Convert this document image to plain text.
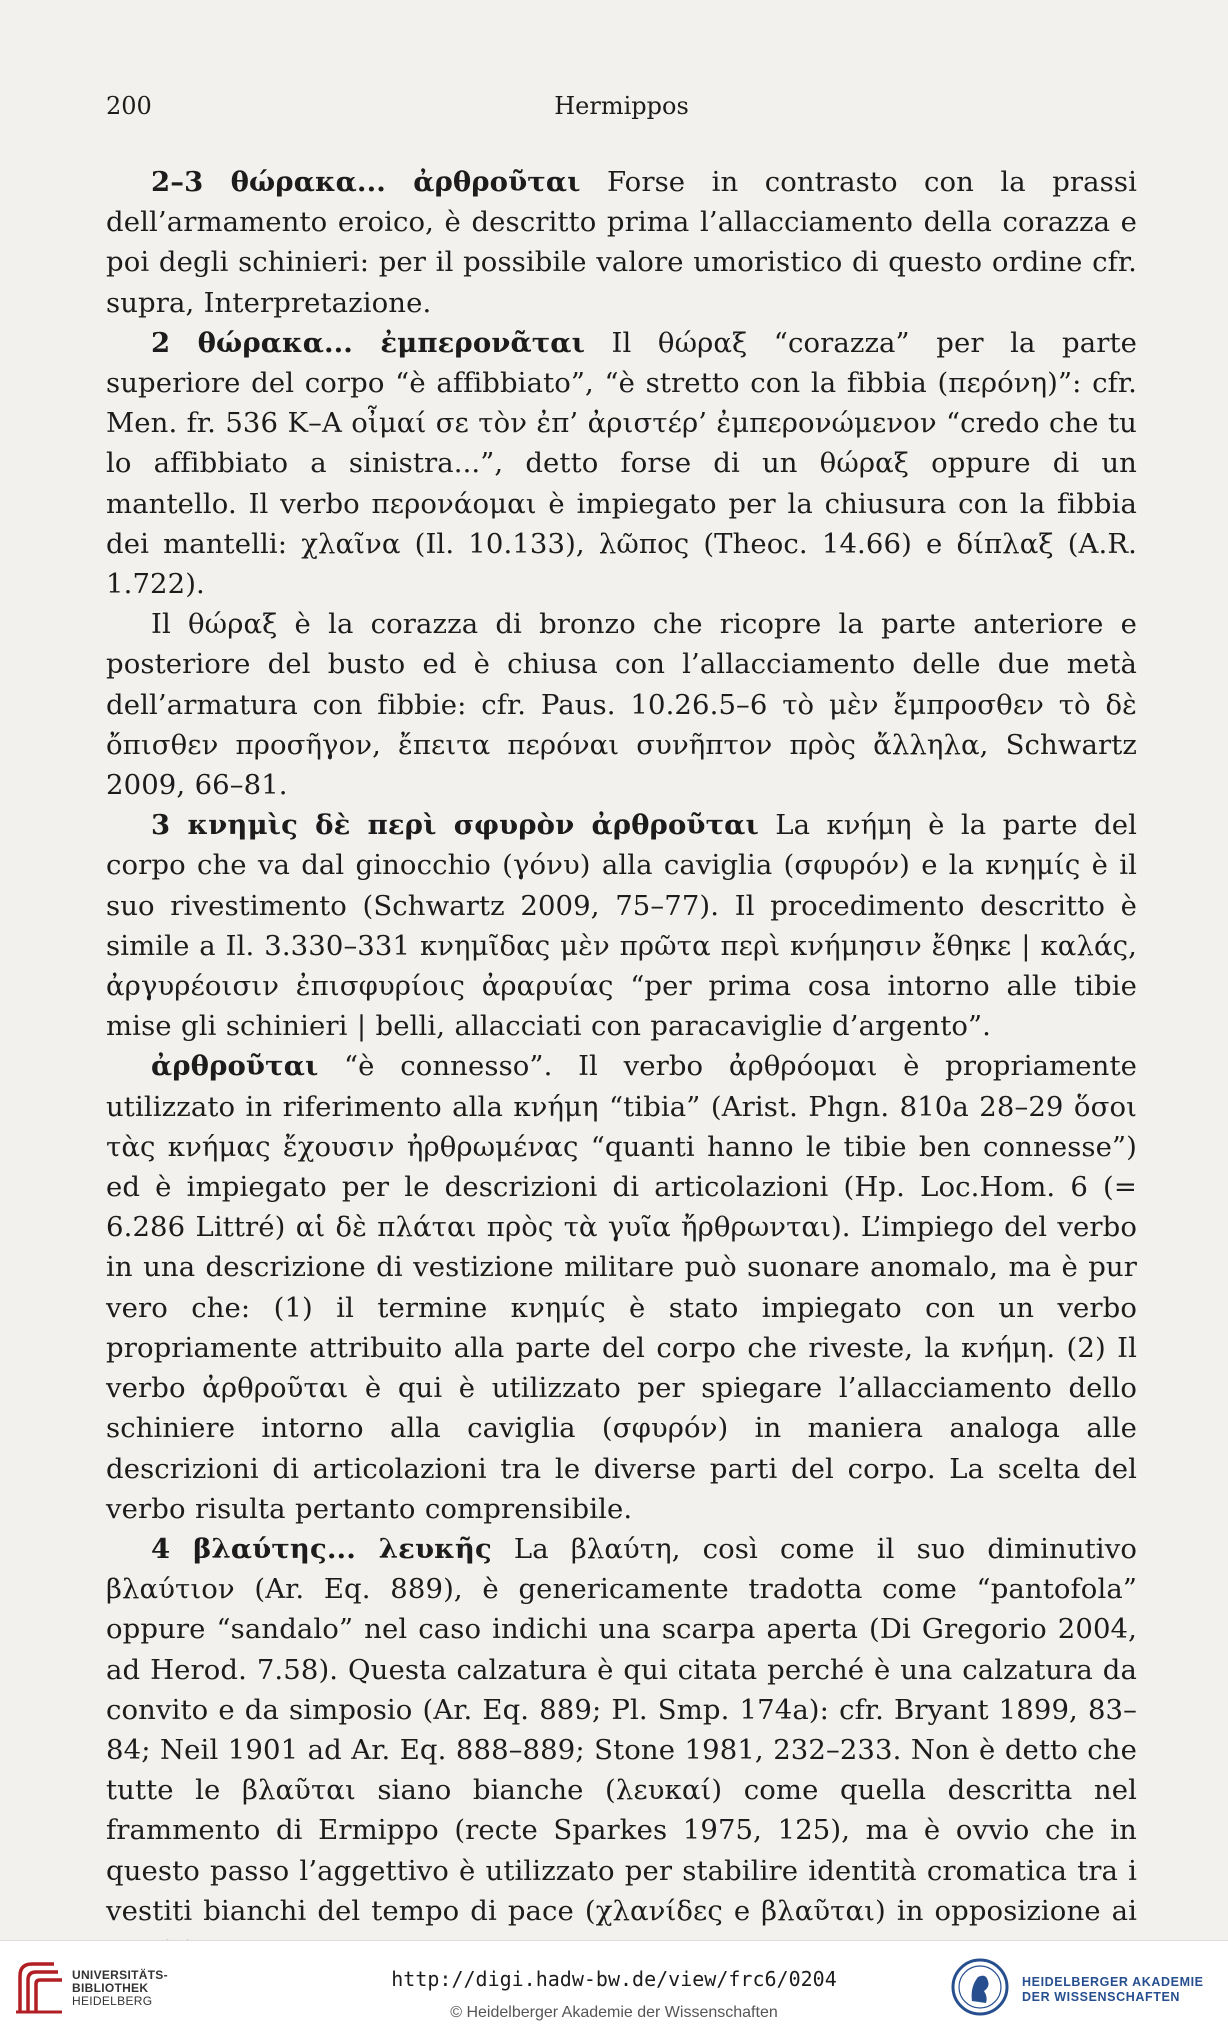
200	Hermippos

2–3 θώρακα... ἀρθροῦται Forse in contrasto con la prassi dell’armamento eroico, è descritto prima l’allacciamento della corazza e poi degli schinieri: per il possibile valore umoristico di questo ordine cfr. supra, Interpretazione.

2 θώρακα... ἐμπερονᾶται Il θώραξ “corazza” per la parte superiore del corpo “è affibbiato”, “è stretto con la fibbia (περόνη)”: cfr. Men. fr. 536 K–A οἶμαί σε τὸν ἐπ’ ἀριστέρ’ ἐμπερονώμενον “credo che tu lo affibbiato a sinistra...”, detto forse di un θώραξ oppure di un mantello. Il verbo περονάομαι è impiegato per la chiusura con la fibbia dei mantelli: χλαῖνα (Il. 10.133), λῶπος (Theoc. 14.66) e δίπλαξ (A.R. 1.722).

Il θώραξ è la corazza di bronzo che ricopre la parte anteriore e posteriore del busto ed è chiusa con l’allacciamento delle due metà dell’armatura con fibbie: cfr. Paus. 10.26.5–6 τὸ μὲν ἔμπροσθεν τὸ δὲ ὄπισθεν προσῆγον, ἔπειτα περόναι συνῆπτον πρὸς ἄλληλα, Schwartz 2009, 66–81.

3 κνημὶς δὲ περὶ σφυρὸν ἀρθροῦται La κνήμη è la parte del corpo che va dal ginocchio (γόνυ) alla caviglia (σφυρόν) e la κνημίς è il suo rivestimento (Schwartz 2009, 75–77). Il procedimento descritto è simile a Il. 3.330–331 κνημῖδας μὲν πρῶτα περὶ κνήμησιν ἔθηκε | καλάς, ἀργυρέοισιν ἐπισφυρίοις ἀραρυίας “per prima cosa intorno alle tibie mise gli schinieri | belli, allacciati con paracaviglie d’argento”.

ἀρθροῦται “è connesso”. Il verbo ἀρθρόομαι è propriamente utilizzato in riferimento alla κνήμη “tibia” (Arist. Phgn. 810a 28–29 ὅσοι τὰς κνήμας ἔχουσιν ἠρθρωμένας “quanti hanno le tibie ben connesse”) ed è impiegato per le descrizioni di articolazioni (Hp. Loc.Hom. 6 (= 6.286 Littré) αἱ δὲ πλάται πρὸς τὰ γυῖα ἤρθρωνται). L’impiego del verbo in una descrizione di vestizione militare può suonare anomalo, ma è pur vero che: (1) il termine κνημίς è stato impiegato con un verbo propriamente attribuito alla parte del corpo che riveste, la κνήμη. (2) Il verbo ἀρθροῦται è qui è utilizzato per spiegare l’allacciamento dello schiniere intorno alla caviglia (σφυρόν) in maniera analoga alle descrizioni di articolazioni tra le diverse parti del corpo. La scelta del verbo risulta pertanto comprensibile.

4 βλαύτης... λευκῆς La βλαύτη, così come il suo diminutivo βλαύτιον (Ar. Eq. 889), è genericamente tradotta come “pantofola” oppure “sandalo” nel caso indichi una scarpa aperta (Di Gregorio 2004, ad Herod. 7.58). Questa calzatura è qui citata perché è una calzatura da convito e da simposio (Ar. Eq. 889; Pl. Smp. 174a): cfr. Bryant 1899, 83–84; Neil 1901 ad Ar. Eq. 888–889; Stone 1981, 232–233. Non è detto che tutte le βλαῦται siano bianche (λευκαί) come quella descritta nel frammento di Ermippo (recte Sparkes 1975, 125), ma è ovvio che in questo passo l’aggettivo è utilizzato per stabilire identità cromatica tra i vestiti bianchi del tempo di pace (χλανίδες e βλαῦται) in opposizione ai

UNIVERSITÄTS-
BIBLIOTHEK
HEIDELBERG
http://digi.hadw-bw.de/view/frc6/0204
© Heidelberger Akademie der Wissenschaften
HEIDELBERGER AKADEMIE
DER WISSENSCHAFTEN
